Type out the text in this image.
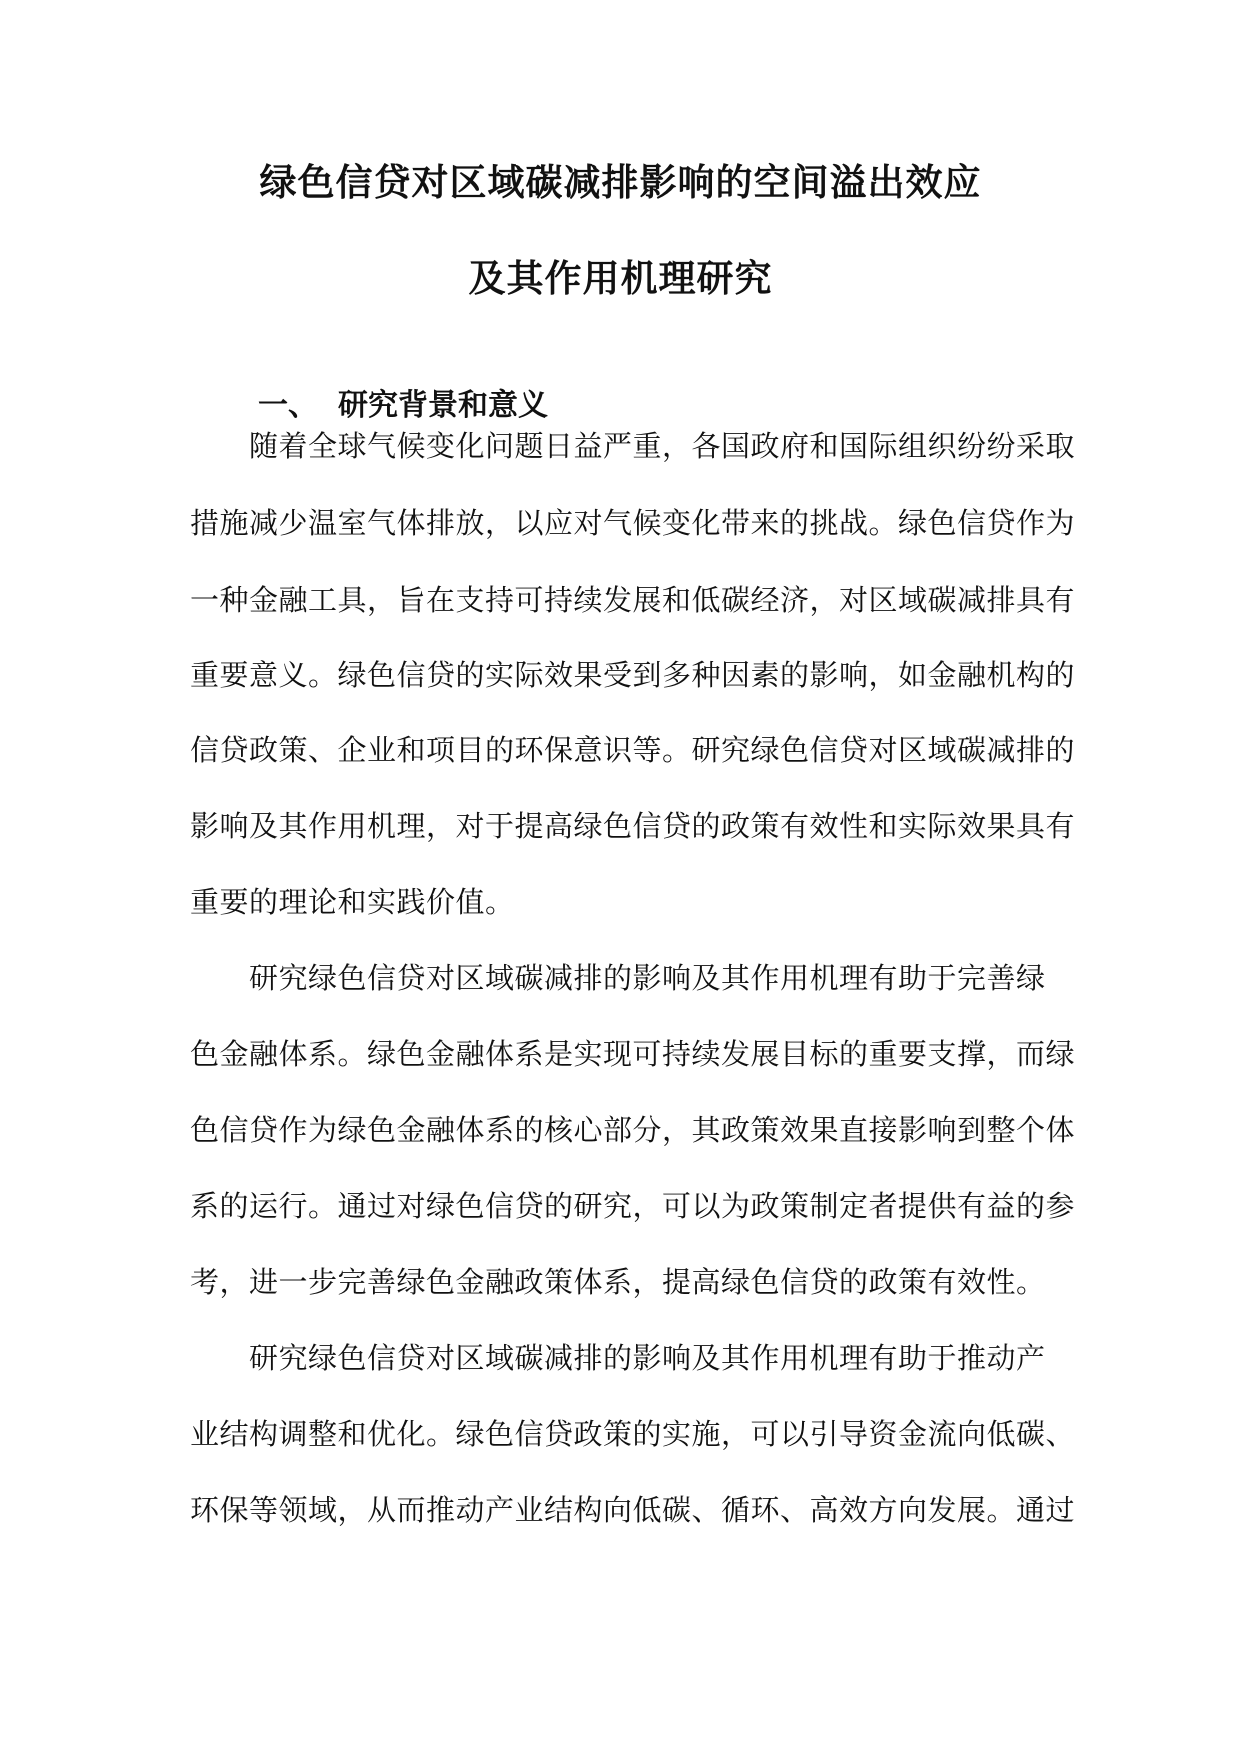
绿色信贷对区域碳减排影响的空间溢出效应
及其作用机理研究
一、 研究背景和意义
　　随着全球气候变化问题日益严重，各国政府和国际组织纷纷采取
措施减少温室气体排放，以应对气候变化带来的挑战。绿色信贷作为
一种金融工具，旨在支持可持续发展和低碳经济，对区域碳减排具有
重要意义。绿色信贷的实际效果受到多种因素的影响，如金融机构的
信贷政策、企业和项目的环保意识等。研究绿色信贷对区域碳减排的
影响及其作用机理，对于提高绿色信贷的政策有效性和实际效果具有
重要的理论和实践价值。
　　研究绿色信贷对区域碳减排的影响及其作用机理有助于完善绿
色金融体系。绿色金融体系是实现可持续发展目标的重要支撑，而绿
色信贷作为绿色金融体系的核心部分，其政策效果直接影响到整个体
系的运行。通过对绿色信贷的研究，可以为政策制定者提供有益的参
考，进一步完善绿色金融政策体系，提高绿色信贷的政策有效性。
　　研究绿色信贷对区域碳减排的影响及其作用机理有助于推动产
业结构调整和优化。绿色信贷政策的实施，可以引导资金流向低碳、
环保等领域，从而推动产业结构向低碳、循环、高效方向发展。通过
